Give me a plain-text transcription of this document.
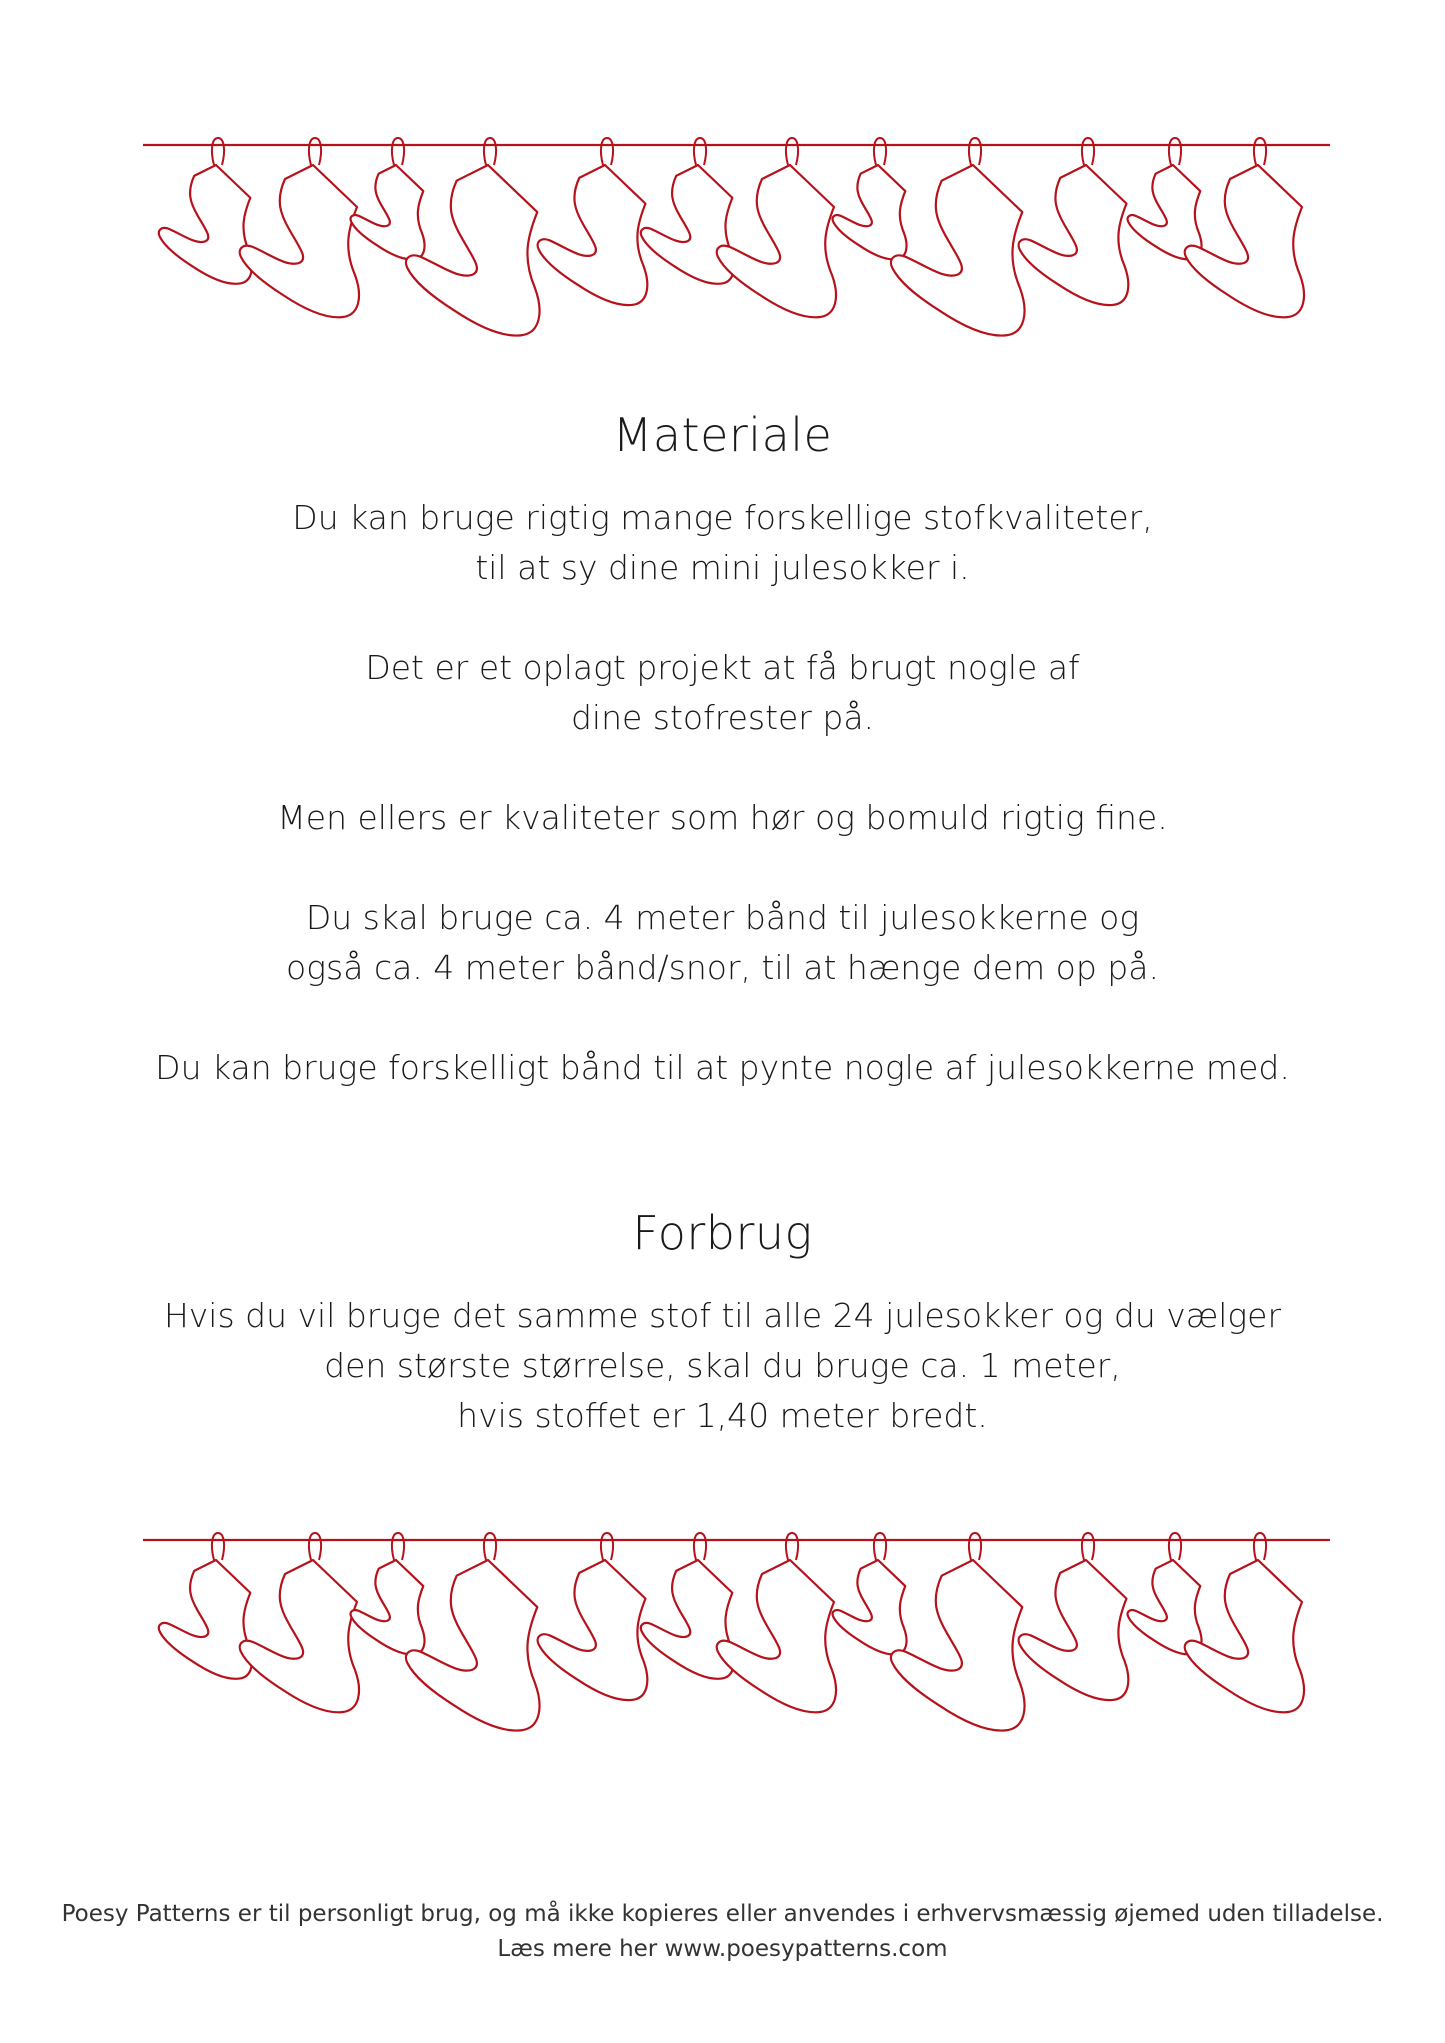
Materiale

Du kan bruge rigtig mange forskellige stofkvaliteter,
til at sy dine mini julesokker i.

Det er et oplagt projekt at få brugt nogle af
dine stofrester på.

Men ellers er kvaliteter som hør og bomuld rigtig fine.

Du skal bruge ca. 4 meter bånd til julesokkerne og
også ca. 4 meter bånd/snor, til at hænge dem op på.

Du kan bruge forskelligt bånd til at pynte nogle af julesokkerne med.

Forbrug

Hvis du vil bruge det samme stof til alle 24 julesokker og du vælger
den største størrelse, skal du bruge ca. 1 meter,
hvis stoffet er 1,40 meter bredt.

Poesy Patterns er til personligt brug, og må ikke kopieres eller anvendes i erhvervsmæssig øjemed uden tilladelse.
Læs mere her www.poesypatterns.com
